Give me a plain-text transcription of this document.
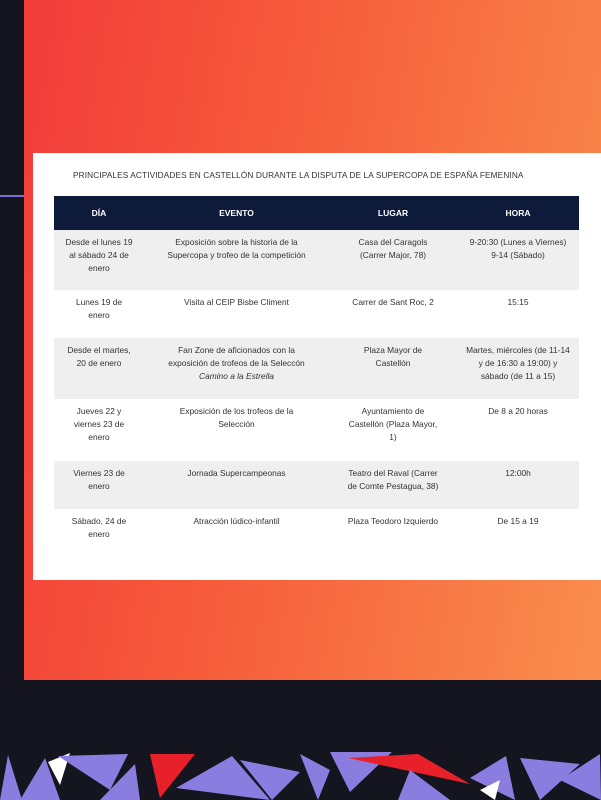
PRINCIPALES ACTIVIDADES EN CASTELLÓN DURANTE LA DISPUTA DE LA SUPERCOPA DE ESPAÑA FEMENINA
DÍA	EVENTO	LUGAR	HORA
Desde el lunes 19
al sábado 24 de
enero	Exposición sobre la historia de la
Supercopa y trofeo de la competición	Casa del Caragols
(Carrer Major, 78)	9-20:30 (Lunes a Viernes)
9-14 (Sábado)

Lunes 19 de
enero	Visita al CEIP Bisbe Climent	Carrer de Sant Roc, 2	15:15

Desde el martes,
20 de enero	Fan Zone de aficionados con la
exposición de trofeos de la Seleccón
Camino a la Estrella	Plaza Mayor de
Castellón	Martes, miércoles (de 11-14
y de 16:30 a 19:00) y
sábado (de 11 a 15)

Jueves 22 y
viernes 23 de
enero	Exposición de los trofeos de la
Selección	Ayuntamiento de
Castellón (Plaza Mayor,
1)	De 8 a 20 horas

Viernes 23 de
enero	Jornada Supercampeonas	Teatro del Raval (Carrer
de Comte Pestagua, 38)	12:00h

Sábado, 24 de
enero	Atracción lúdico-infantil	Plaza Teodoro Izquierdo	De 15 a 19
